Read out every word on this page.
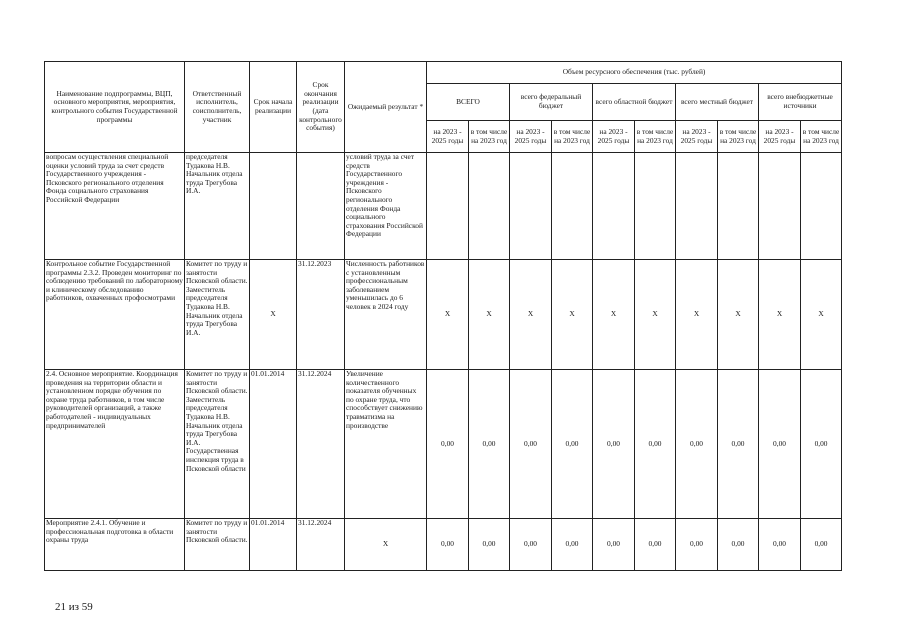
Наименование подпрограммы, ВЦП, основного мероприятия, мероприятия, контрольного события Государственной программы	Ответственный исполнитель, соисполнитель, участник	Срок начала реализации	Срок окончания реализации (дата контрольного события)	Ожидаемый результат *	Объем ресурсного обеспечения (тыс. рублей)									
					ВСЕГО		всего федеральный бюджет		всего областной бюджет		всего местный бюджет		всего внебюджетные источники	
					на 2023 - 2025 годы	в том числе на 2023 год	на 2023 - 2025 годы	в том числе на 2023 год	на 2023 - 2025 годы	в том числе на 2023 год	на 2023 - 2025 годы	в том числе на 2023 год	на 2023 - 2025 годы	в том числе на 2023 год
вопросам осуществления специальной оценки условий труда за счет средств Государственного учреждения - Псковского регионального отделения Фонда социального страхования Российской Федерации	председателя Тудакова Н.В. Начальник отдела труда Трегубова И.А.			условий труда за счет средств Государственного учреждения - Псковского регионального отделения Фонда социального страхования Российской Федерации										
Контрольное событие Государственной программы 2.3.2. Проведен мониторинг по соблюдению требований по лабораторному и клиническому обследованию работников, охваченных профосмотрами	Комитет по труду и занятости Псковской области. Заместитель председателя Тудакова Н.В. Начальник отдела труда Трегубова И.А.	X	31.12.2023	Численность работников с установленным профессиональным заболеванием уменьшилась до 6 человек в 2024 году	X	X	X	X	X	X	X	X	X	X
2.4. Основное мероприятие. Координация проведения на территории области и установленном порядке обучения по охране труда работников, в том числе руководителей организаций, а также работодателей - индивидуальных предпринимателей	Комитет по труду и занятости Псковской области. Заместитель председателя Тудакова Н.В. Начальник отдела труда Трегубова И.А. Государственная инспекция труда в Псковской области	01.01.2014	31.12.2024	Увеличение количественного показателя обученных по охране труда, что способствует снижению травматизма на производстве	0,00	0,00	0,00	0,00	0,00	0,00	0,00	0,00	0,00	0,00
Мероприятие 2.4.1. Обучение и профессиональная подготовка в области охраны труда	Комитет по труду и занятости Псковской области.	01.01.2014	31.12.2024	X	0,00	0,00	0,00	0,00	0,00	0,00	0,00	0,00	0,00	0,00
21 из 59
